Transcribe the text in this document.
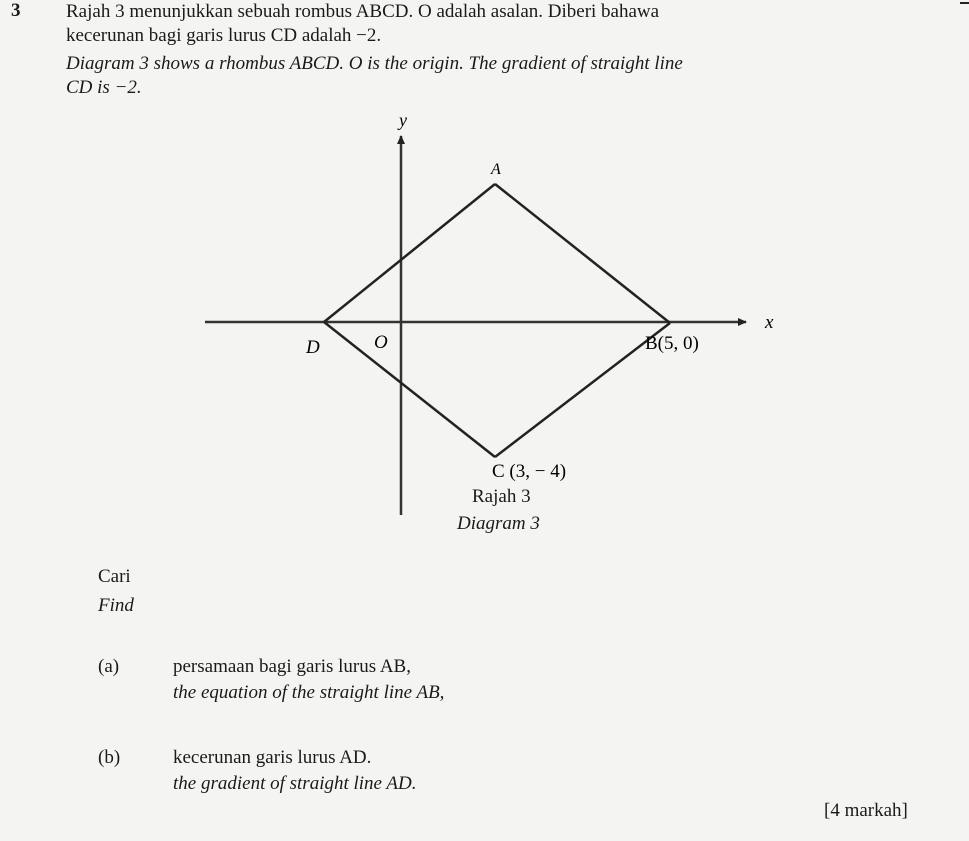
3 Rajah 3 menunjukkan sebuah rombus ABCD. O adalah asalan. Diberi bahawa
kecerunan bagi garis lurus CD adalah −2.
Diagram 3 shows a rhombus ABCD. O is the origin. The gradient of straight line
CD is −2.
y
x
A
D	O	B(5, 0)
C (3, − 4)
Rajah 3
Diagram 3
Cari
Find
(a)	persamaan bagi garis lurus AB,
the equation of the straight line AB,
(b)	kecerunan garis lurus AD.
the gradient of straight line AD.
[4 markah]
